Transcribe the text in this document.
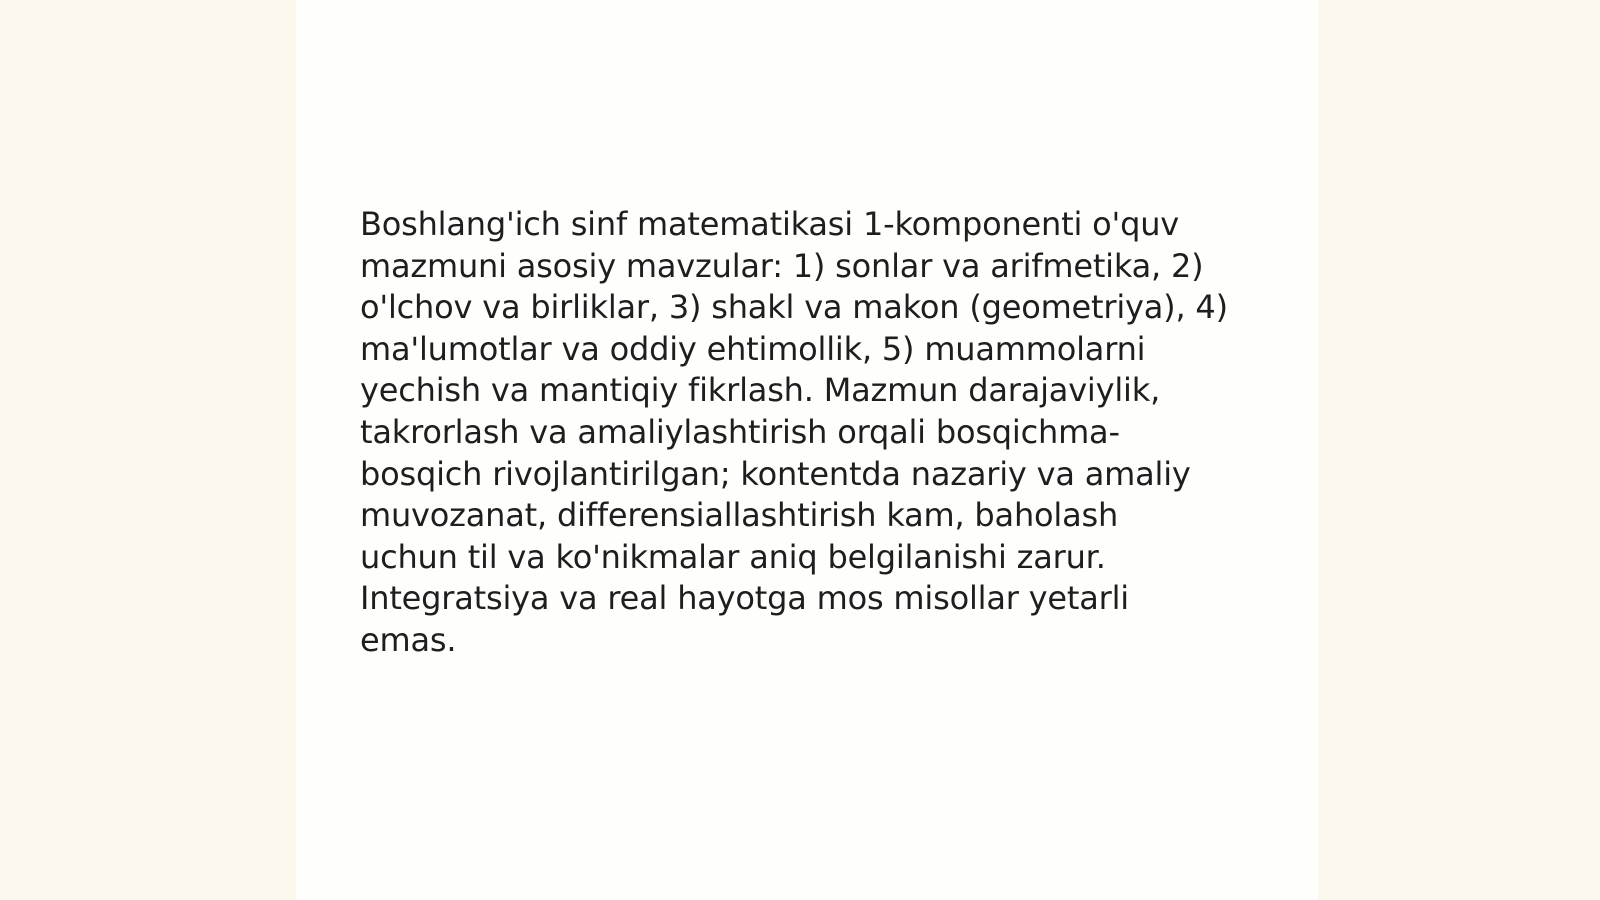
Boshlang'ich sinf matematikasi 1-komponenti o'quv
mazmuni asosiy mavzular: 1) sonlar va arifmetika, 2)
o'lchov va birliklar, 3) shakl va makon (geometriya), 4)
ma'lumotlar va oddiy ehtimollik, 5) muammolarni
yechish va mantiqiy fikrlash. Mazmun darajaviylik,
takrorlash va amaliylashtirish orqali bosqichma-
bosqich rivojlantirilgan; kontentda nazariy va amaliy
muvozanat, differensiallashtirish kam, baholash
uchun til va ko'nikmalar aniq belgilanishi zarur.
Integratsiya va real hayotga mos misollar yetarli
emas.
